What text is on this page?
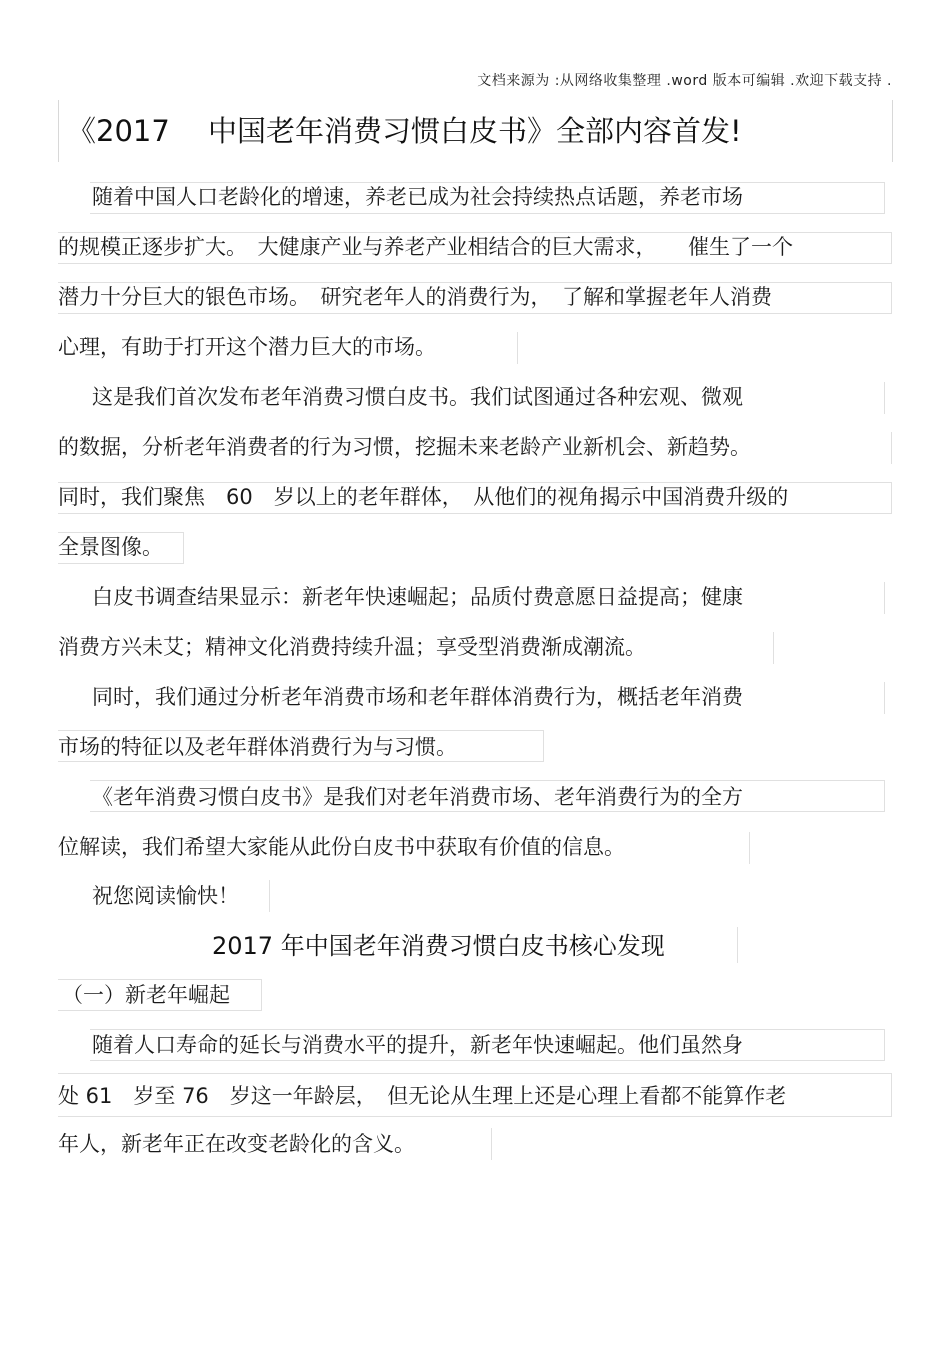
文档来源为 :从网络收集整理 .word 版本可编辑 .欢迎下载支持 .
《2017　 中国老年消费习惯白皮书》全部内容首发!
随着中国人口老龄化的增速，养老已成为社会持续热点话题，养老市场
的规模正逐步扩大。　大健康产业与养老产业相结合的巨大需求，　　催生了一个
潜力十分巨大的银色市场。　研究老年人的消费行为，　了解和掌握老年人消费
心理，有助于打开这个潜力巨大的市场。
这是我们首次发布老年消费习惯白皮书。我们试图通过各种宏观、微观
的数据，分析老年消费者的行为习惯，挖掘未来老龄产业新机会、新趋势。
同时，我们聚焦　60　岁以上的老年群体，　从他们的视角揭示中国消费升级的
全景图像。
白皮书调查结果显示：新老年快速崛起；品质付费意愿日益提高；健康
消费方兴未艾；精神文化消费持续升温；享受型消费渐成潮流。
同时，我们通过分析老年消费市场和老年群体消费行为，概括老年消费
市场的特征以及老年群体消费行为与习惯。
《老年消费习惯白皮书》是我们对老年消费市场、老年消费行为的全方
位解读，我们希望大家能从此份白皮书中获取有价值的信息。
祝您阅读愉快！
2017 年中国老年消费习惯白皮书核心发现
（一）新老年崛起
随着人口寿命的延长与消费水平的提升，新老年快速崛起。他们虽然身
处 61　岁至 76　岁这一年龄层，　但无论从生理上还是心理上看都不能算作老
年人，新老年正在改变老龄化的含义。
